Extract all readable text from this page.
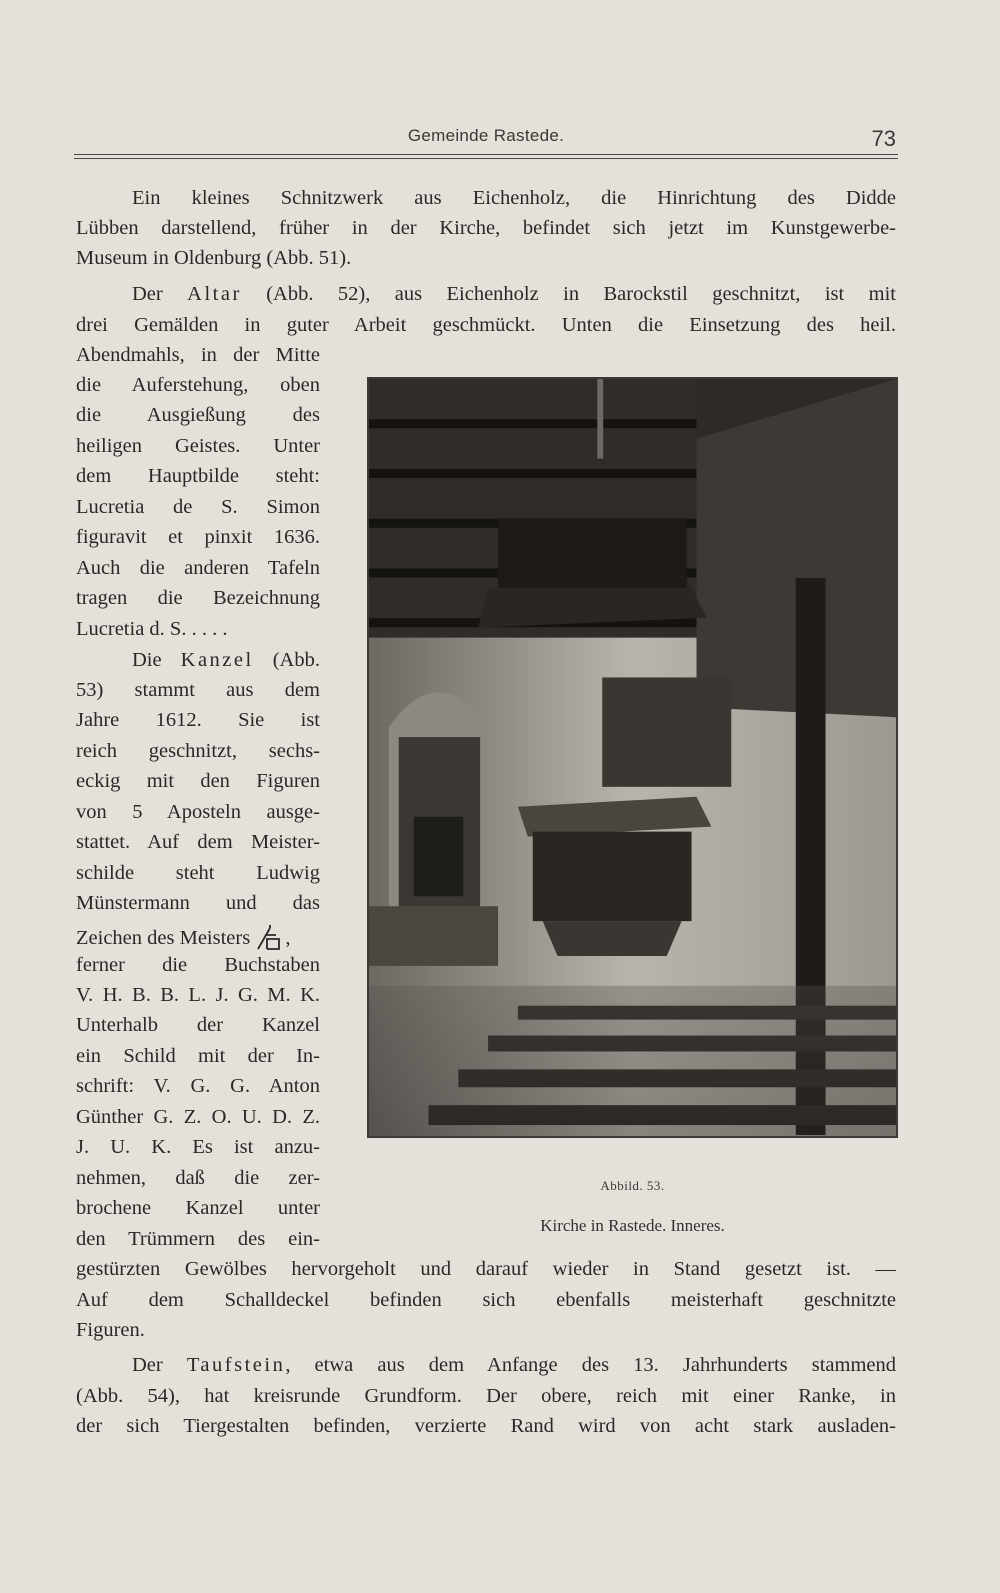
Gemeinde Rastede.	73
Ein kleines Schnitzwerk aus Eichenholz, die Hinrichtung des Didde
Lübben darstellend, früher in der Kirche, befindet sich jetzt im Kunstgewerbe-
Museum in Oldenburg (Abb. 51).
Der Altar (Abb. 52), aus Eichenholz in Barockstil geschnitzt, ist mit
drei Gemälden in guter Arbeit geschmückt. Unten die Einsetzung des heil.
Abendmahls, in der Mitte
die Auferstehung, oben
die Ausgießung des
heiligen Geistes. Unter
dem Hauptbilde steht:
Lucretia de S. Simon
figuravit et pinxit 1636.
Auch die anderen Tafeln
tragen die Bezeichnung
Lucretia d. S. . . . .
Die Kanzel (Abb.
53) stammt aus dem
Jahre 1612. Sie ist
reich geschnitzt, sechs-
eckig mit den Figuren
von 5 Aposteln ausge-
stattet. Auf dem Meister-
schilde steht Ludwig
Münstermann und das
Zeichen des Meisters ,
ferner die Buchstaben
V. H. B. B. L. J. G. M. K.
Unterhalb der Kanzel
ein Schild mit der In-
schrift: V. G. G. Anton
Günther G. Z. O. U. D. Z.
J. U. K. Es ist anzu-
nehmen, daß die zer-
brochene Kanzel unter
den Trümmern des ein-
gestürzten Gewölbes hervorgeholt und darauf wieder in Stand gesetzt ist. —
Auf dem Schalldeckel befinden sich ebenfalls meisterhaft geschnitzte
Figuren.
Der Taufstein, etwa aus dem Anfange des 13. Jahrhunderts stammend
(Abb. 54), hat kreisrunde Grundform. Der obere, reich mit einer Ranke, in
der sich Tiergestalten befinden, verzierte Rand wird von acht stark ausladen-
Abbild. 53.
Kirche in Rastede. Inneres.
